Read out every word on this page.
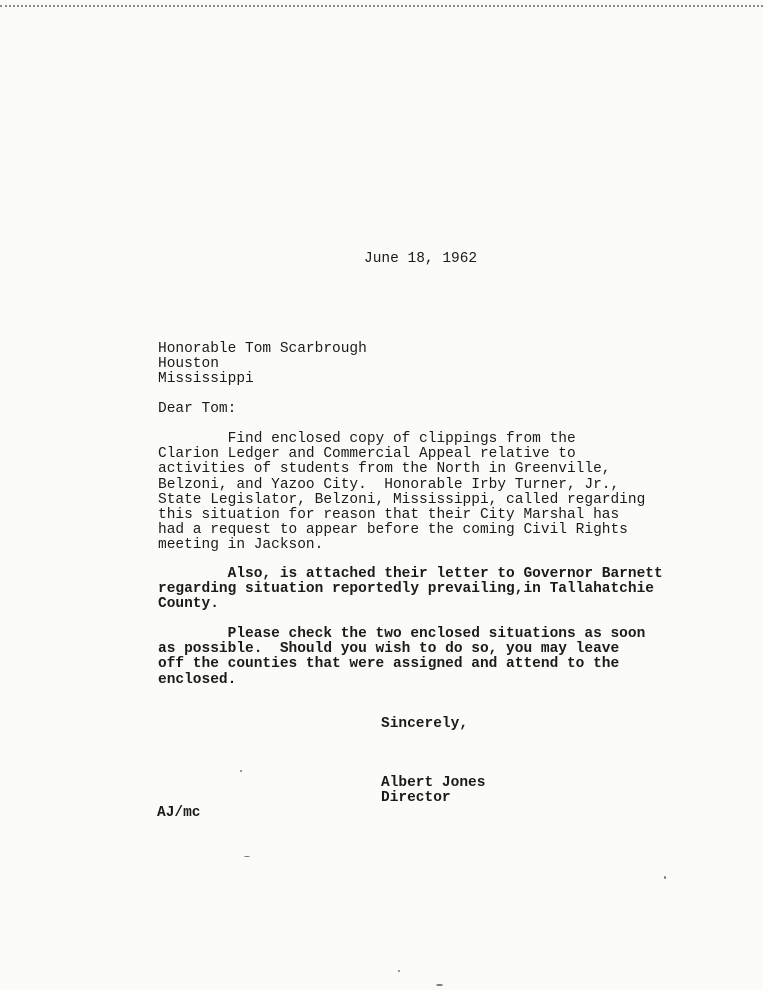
June 18, 1962
Honorable Tom Scarbrough
Houston
Mississippi
Dear Tom:
Find enclosed copy of clippings from the
Clarion Ledger and Commercial Appeal relative to
activities of students from the North in Greenville,
Belzoni, and Yazoo City.  Honorable Irby Turner, Jr.,
State Legislator, Belzoni, Mississippi, called regarding
this situation for reason that their City Marshal has
had a request to appear before the coming Civil Rights
meeting in Jackson.
Also, is attached their letter to Governor Barnett
regarding situation reportedly prevailing,in Tallahatchie
County.
Please check the two enclosed situations as soon
as possible.  Should you wish to do so, you may leave
off the counties that were assigned and attend to the
enclosed.
Sincerely,
Albert Jones
Director
AJ/mc
